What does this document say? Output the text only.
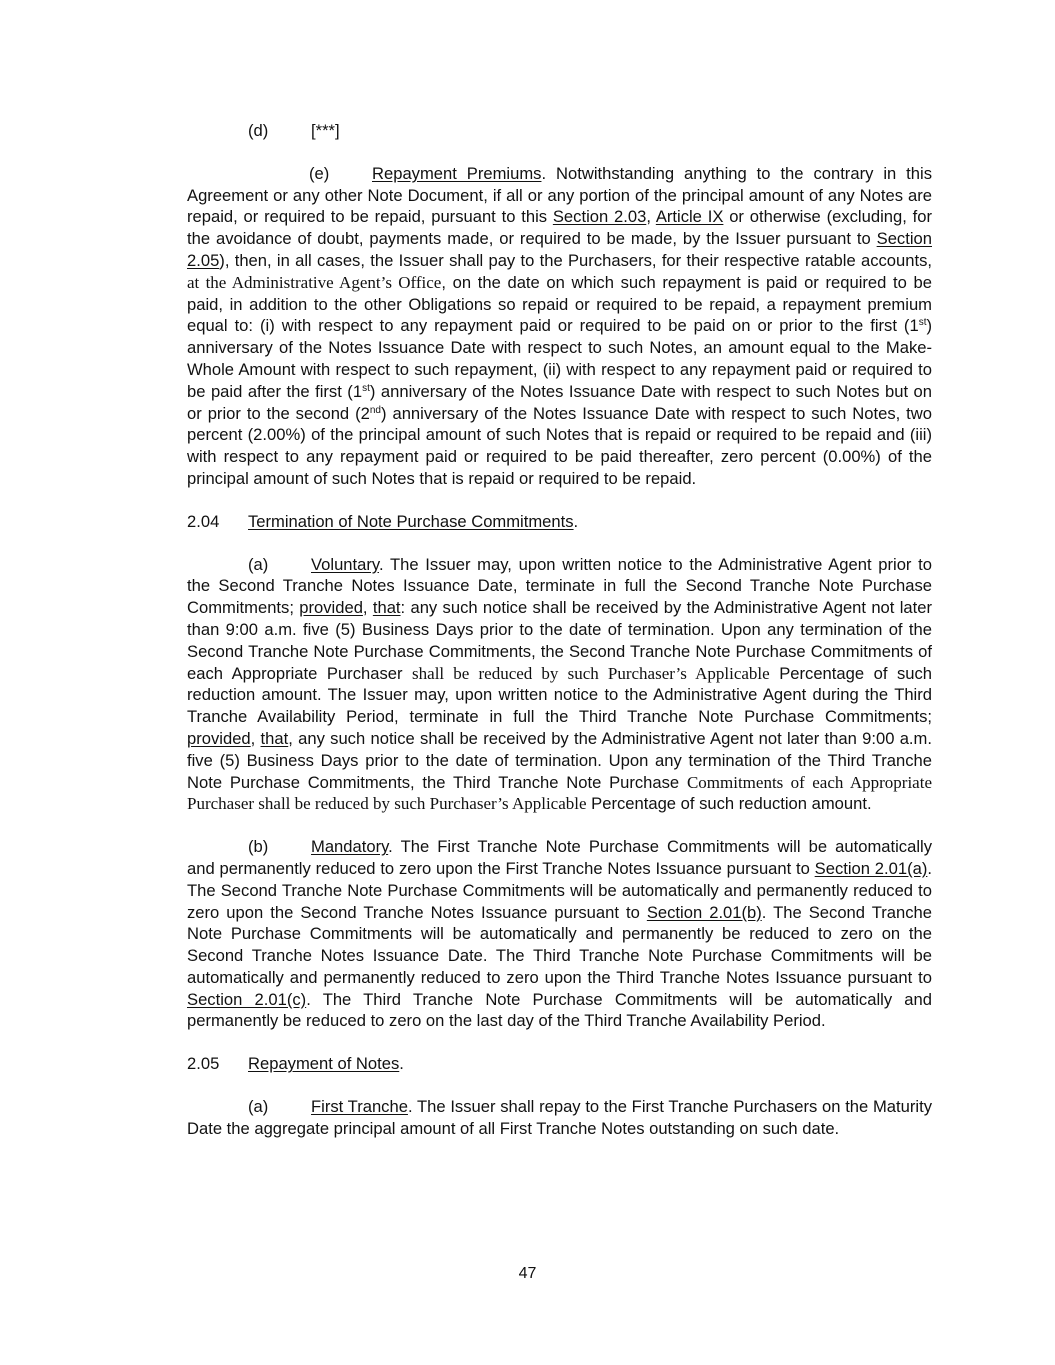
(d)	[***]
(e)	Repayment Premiums. Notwithstanding anything to the contrary in this Agreement or any other Note Document, if all or any portion of the principal amount of any Notes are repaid, or required to be repaid, pursuant to this Section 2.03, Article IX or otherwise (excluding, for the avoidance of doubt, payments made, or required to be made, by the Issuer pursuant to Section 2.05), then, in all cases, the Issuer shall pay to the Purchasers, for their respective ratable accounts, at the Administrative Agent’s Office, on the date on which such repayment is paid or required to be paid, in addition to the other Obligations so repaid or required to be repaid, a repayment premium equal to: (i) with respect to any repayment paid or required to be paid on or prior to the first (1st) anniversary of the Notes Issuance Date with respect to such Notes, an amount equal to the Make-Whole Amount with respect to such repayment, (ii) with respect to any repayment paid or required to be paid after the first (1st) anniversary of the Notes Issuance Date with respect to such Notes but on or prior to the second (2nd) anniversary of the Notes Issuance Date with respect to such Notes, two percent (2.00%) of the principal amount of such Notes that is repaid or required to be repaid and (iii) with respect to any repayment paid or required to be paid thereafter, zero percent (0.00%) of the principal amount of such Notes that is repaid or required to be repaid.
2.04 Termination of Note Purchase Commitments.
(a)	Voluntary. The Issuer may, upon written notice to the Administrative Agent prior to the Second Tranche Notes Issuance Date, terminate in full the Second Tranche Note Purchase Commitments; provided, that: any such notice shall be received by the Administrative Agent not later than 9:00 a.m. five (5) Business Days prior to the date of termination. Upon any termination of the Second Tranche Note Purchase Commitments, the Second Tranche Note Purchase Commitments of each Appropriate Purchaser shall be reduced by such Purchaser’s Applicable Percentage of such reduction amount. The Issuer may, upon written notice to the Administrative Agent during the Third Tranche Availability Period, terminate in full the Third Tranche Note Purchase Commitments; provided, that, any such notice shall be received by the Administrative Agent not later than 9:00 a.m. five (5) Business Days prior to the date of termination. Upon any termination of the Third Tranche Note Purchase Commitments, the Third Tranche Note Purchase Commitments of each Appropriate Purchaser shall be reduced by such Purchaser’s Applicable Percentage of such reduction amount.
(b)	Mandatory. The First Tranche Note Purchase Commitments will be automatically and permanently reduced to zero upon the First Tranche Notes Issuance pursuant to Section 2.01(a). The Second Tranche Note Purchase Commitments will be automatically and permanently reduced to zero upon the Second Tranche Notes Issuance pursuant to Section 2.01(b). The Second Tranche Note Purchase Commitments will be automatically and permanently be reduced to zero on the Second Tranche Notes Issuance Date. The Third Tranche Note Purchase Commitments will be automatically and permanently reduced to zero upon the Third Tranche Notes Issuance pursuant to Section 2.01(c). The Third Tranche Note Purchase Commitments will be automatically and permanently be reduced to zero on the last day of the Third Tranche Availability Period.
2.05 Repayment of Notes.
(a)	First Tranche. The Issuer shall repay to the First Tranche Purchasers on the Maturity Date the aggregate principal amount of all First Tranche Notes outstanding on such date.
47
